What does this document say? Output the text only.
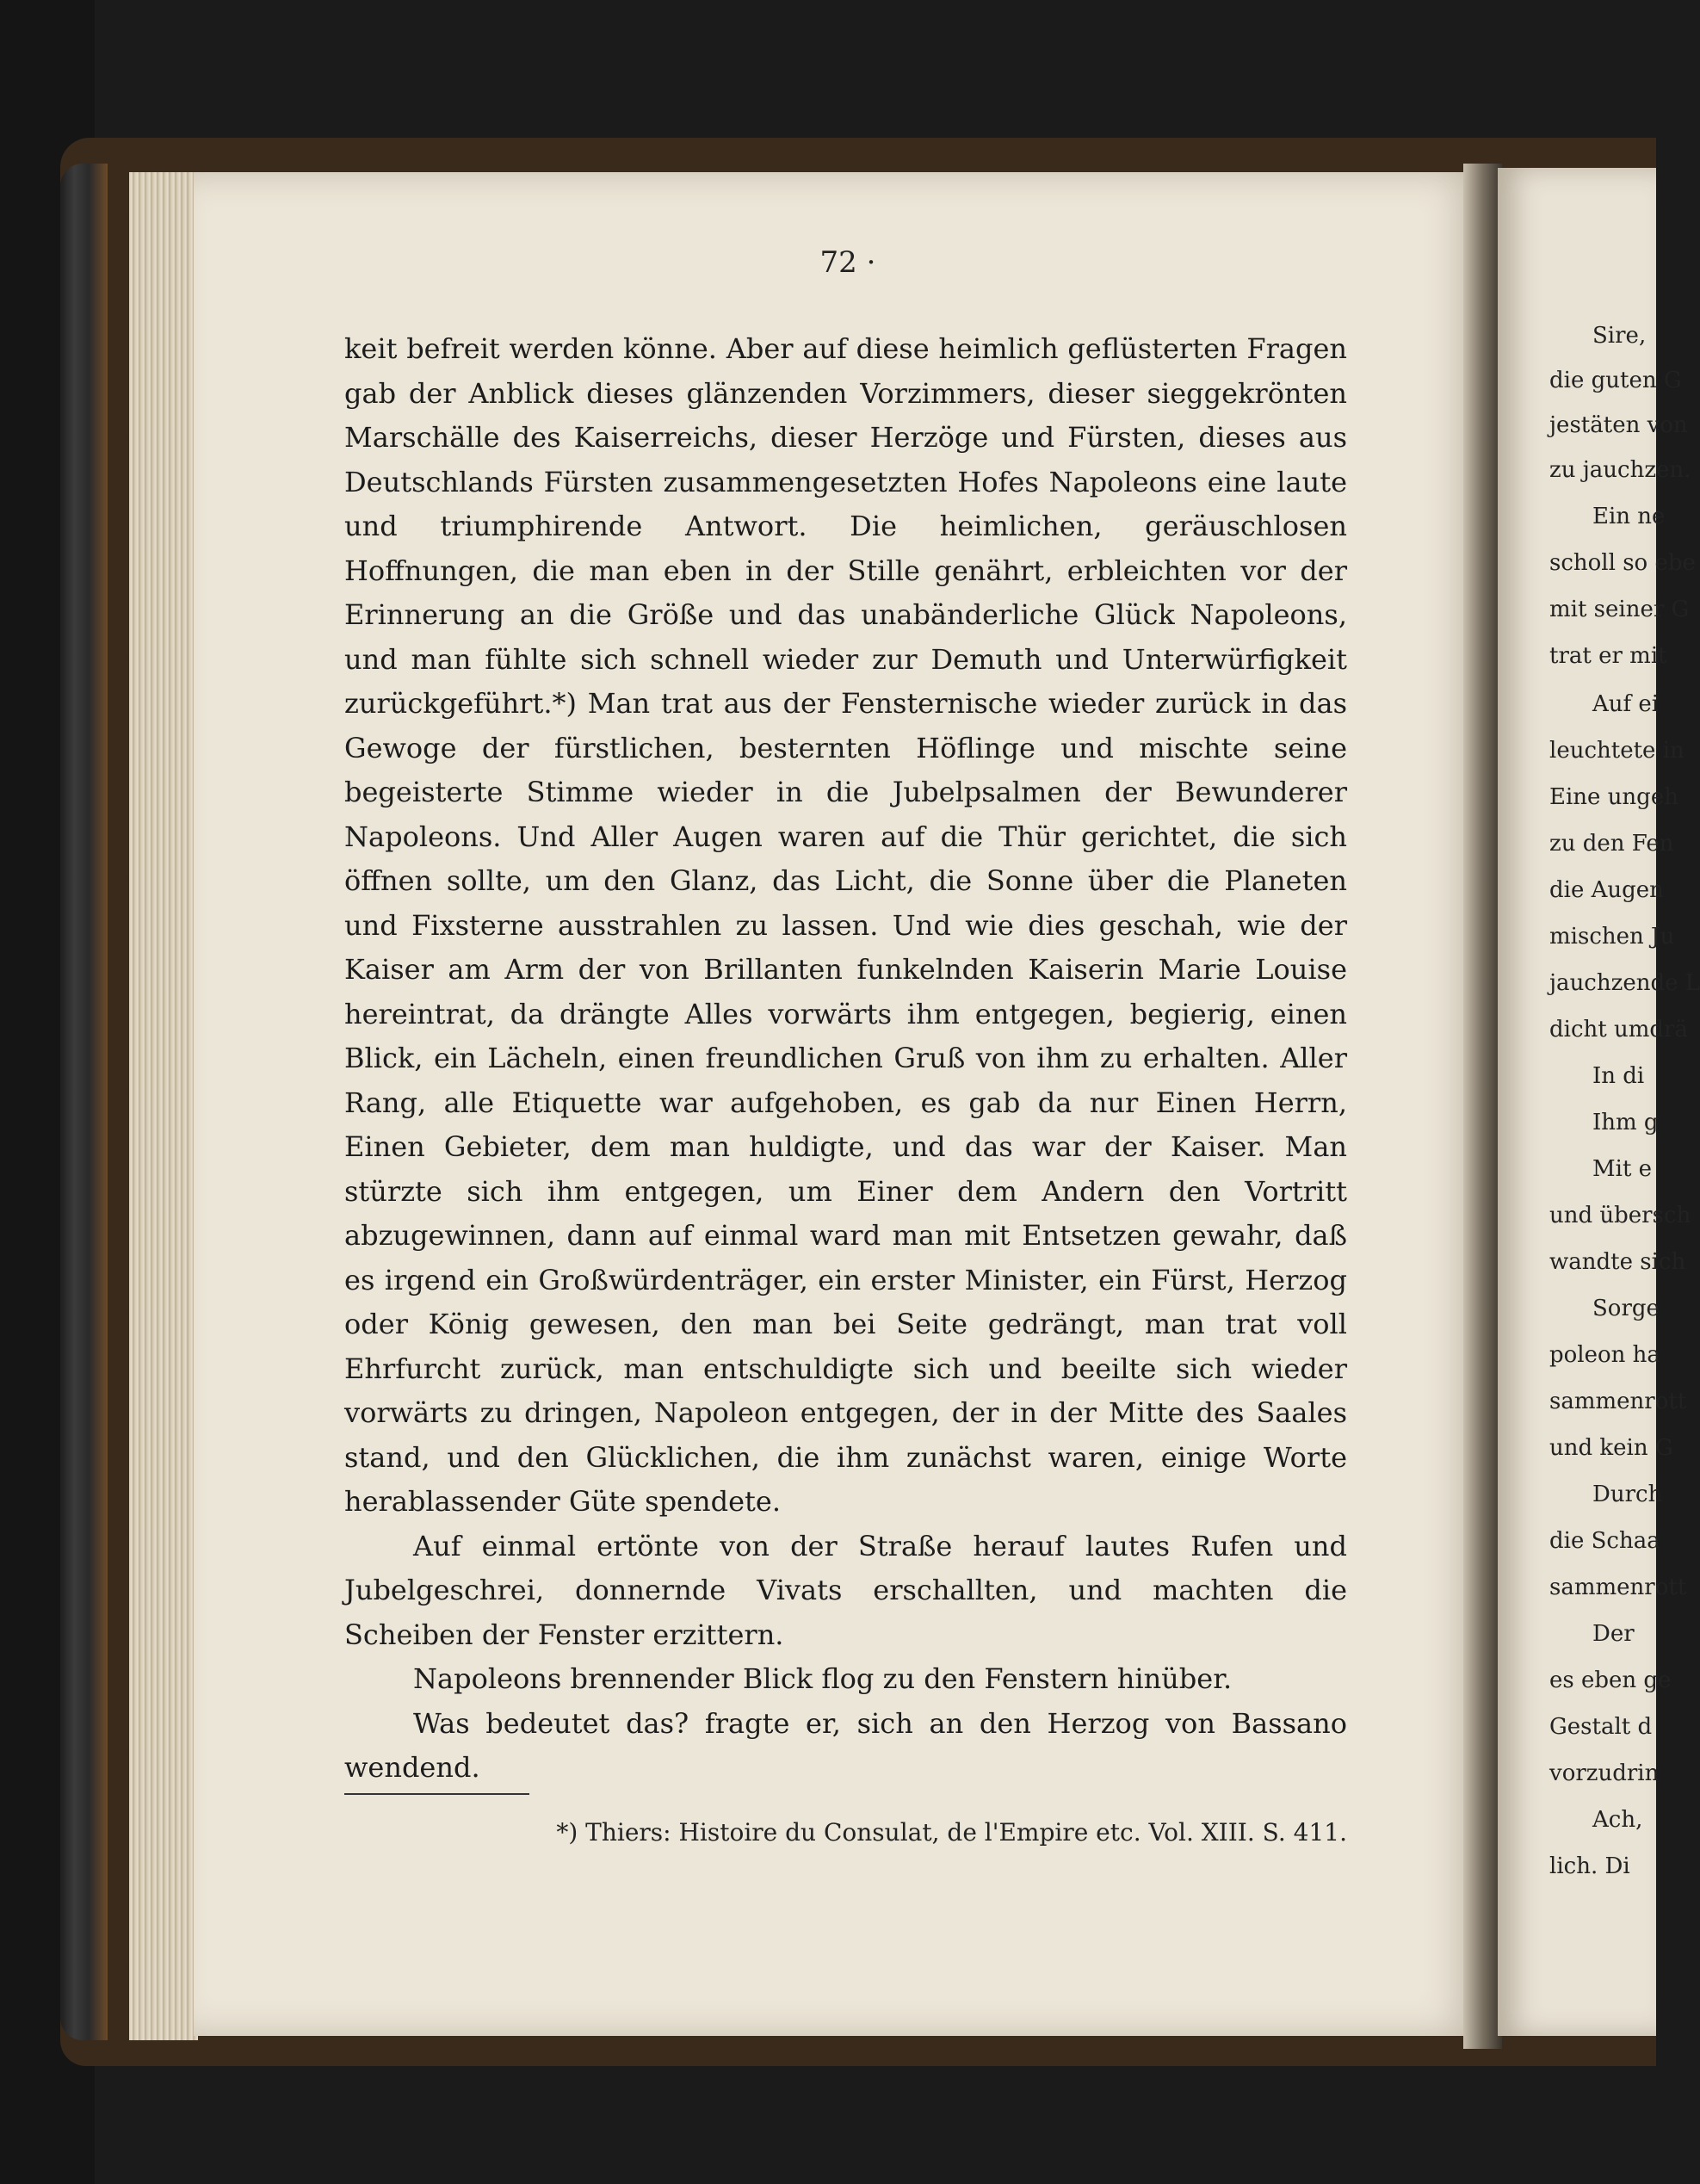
72 ·

keit befreit werden könne. Aber auf diese heimlich geflüsterten Fragen gab der Anblick dieses glänzenden Vorzimmers, dieser sieggekrönten Marschälle des Kaiserreichs, dieser Herzöge und Fürsten, dieses aus Deutschlands Fürsten zusammengesetzten Hofes Napoleons eine laute und triumphirende Antwort. Die heimlichen, geräuschlosen Hoffnungen, die man eben in der Stille genährt, erbleichten vor der Erinnerung an die Größe und das unabänderliche Glück Napoleons, und man fühlte sich schnell wieder zur Demuth und Unterwürfigkeit zurückgeführt.*) Man trat aus der Fensternische wieder zurück in das Gewoge der fürstlichen, besternten Höflinge und mischte seine begeisterte Stimme wieder in die Jubelpsalmen der Bewunderer Napoleons. Und Aller Augen waren auf die Thür gerichtet, die sich öffnen sollte, um den Glanz, das Licht, die Sonne über die Planeten und Fixsterne ausstrahlen zu lassen. Und wie dies geschah, wie der Kaiser am Arm der von Brillanten funkelnden Kaiserin Marie Louise hereintrat, da drängte Alles vorwärts ihm entgegen, begierig, einen Blick, ein Lächeln, einen freundlichen Gruß von ihm zu erhalten. Aller Rang, alle Etiquette war aufgehoben, es gab da nur Einen Herrn, Einen Gebieter, dem man huldigte, und das war der Kaiser. Man stürzte sich ihm entgegen, um Einer dem Andern den Vortritt abzugewinnen, dann auf einmal ward man mit Entsetzen gewahr, daß es irgend ein Großwürdenträger, ein erster Minister, ein Fürst, Herzog oder König gewesen, den man bei Seite gedrängt, man trat voll Ehrfurcht zurück, man entschuldigte sich und beeilte sich wieder vorwärts zu dringen, Napoleon entgegen, der in der Mitte des Saales stand, und den Glücklichen, die ihm zunächst waren, einige Worte herablassender Güte spendete.

Auf einmal ertönte von der Straße herauf lautes Rufen und Jubelgeschrei, donnernde Vivats erschallten, und machten die Scheiben der Fenster erzittern.

Napoleons brennender Blick flog zu den Fenstern hinüber.

Was bedeutet das? fragte er, sich an den Herzog von Bassano wendend.

*) Thiers: Histoire du Consulat, de l'Empire etc. Vol. XIII. S. 411.
Sire,
die guten G
jestäten von
zu jauchzen.
Ein ne
scholl so ebe
mit seiner G
trat er mit
Auf ei
leuchtete in
Eine ungeh
zu den Fen
die Augen
mischen Ju
jauchzende L
dicht umdrä
In di
Ihm g
Mit e
und übersch
wandte sich
Sorge
poleon ha
sammenrott
und kein G
Durch
die Schaa
sammenrott
Der
es eben ge
Gestalt d
vorzudrin
Ach,
lich. Di
